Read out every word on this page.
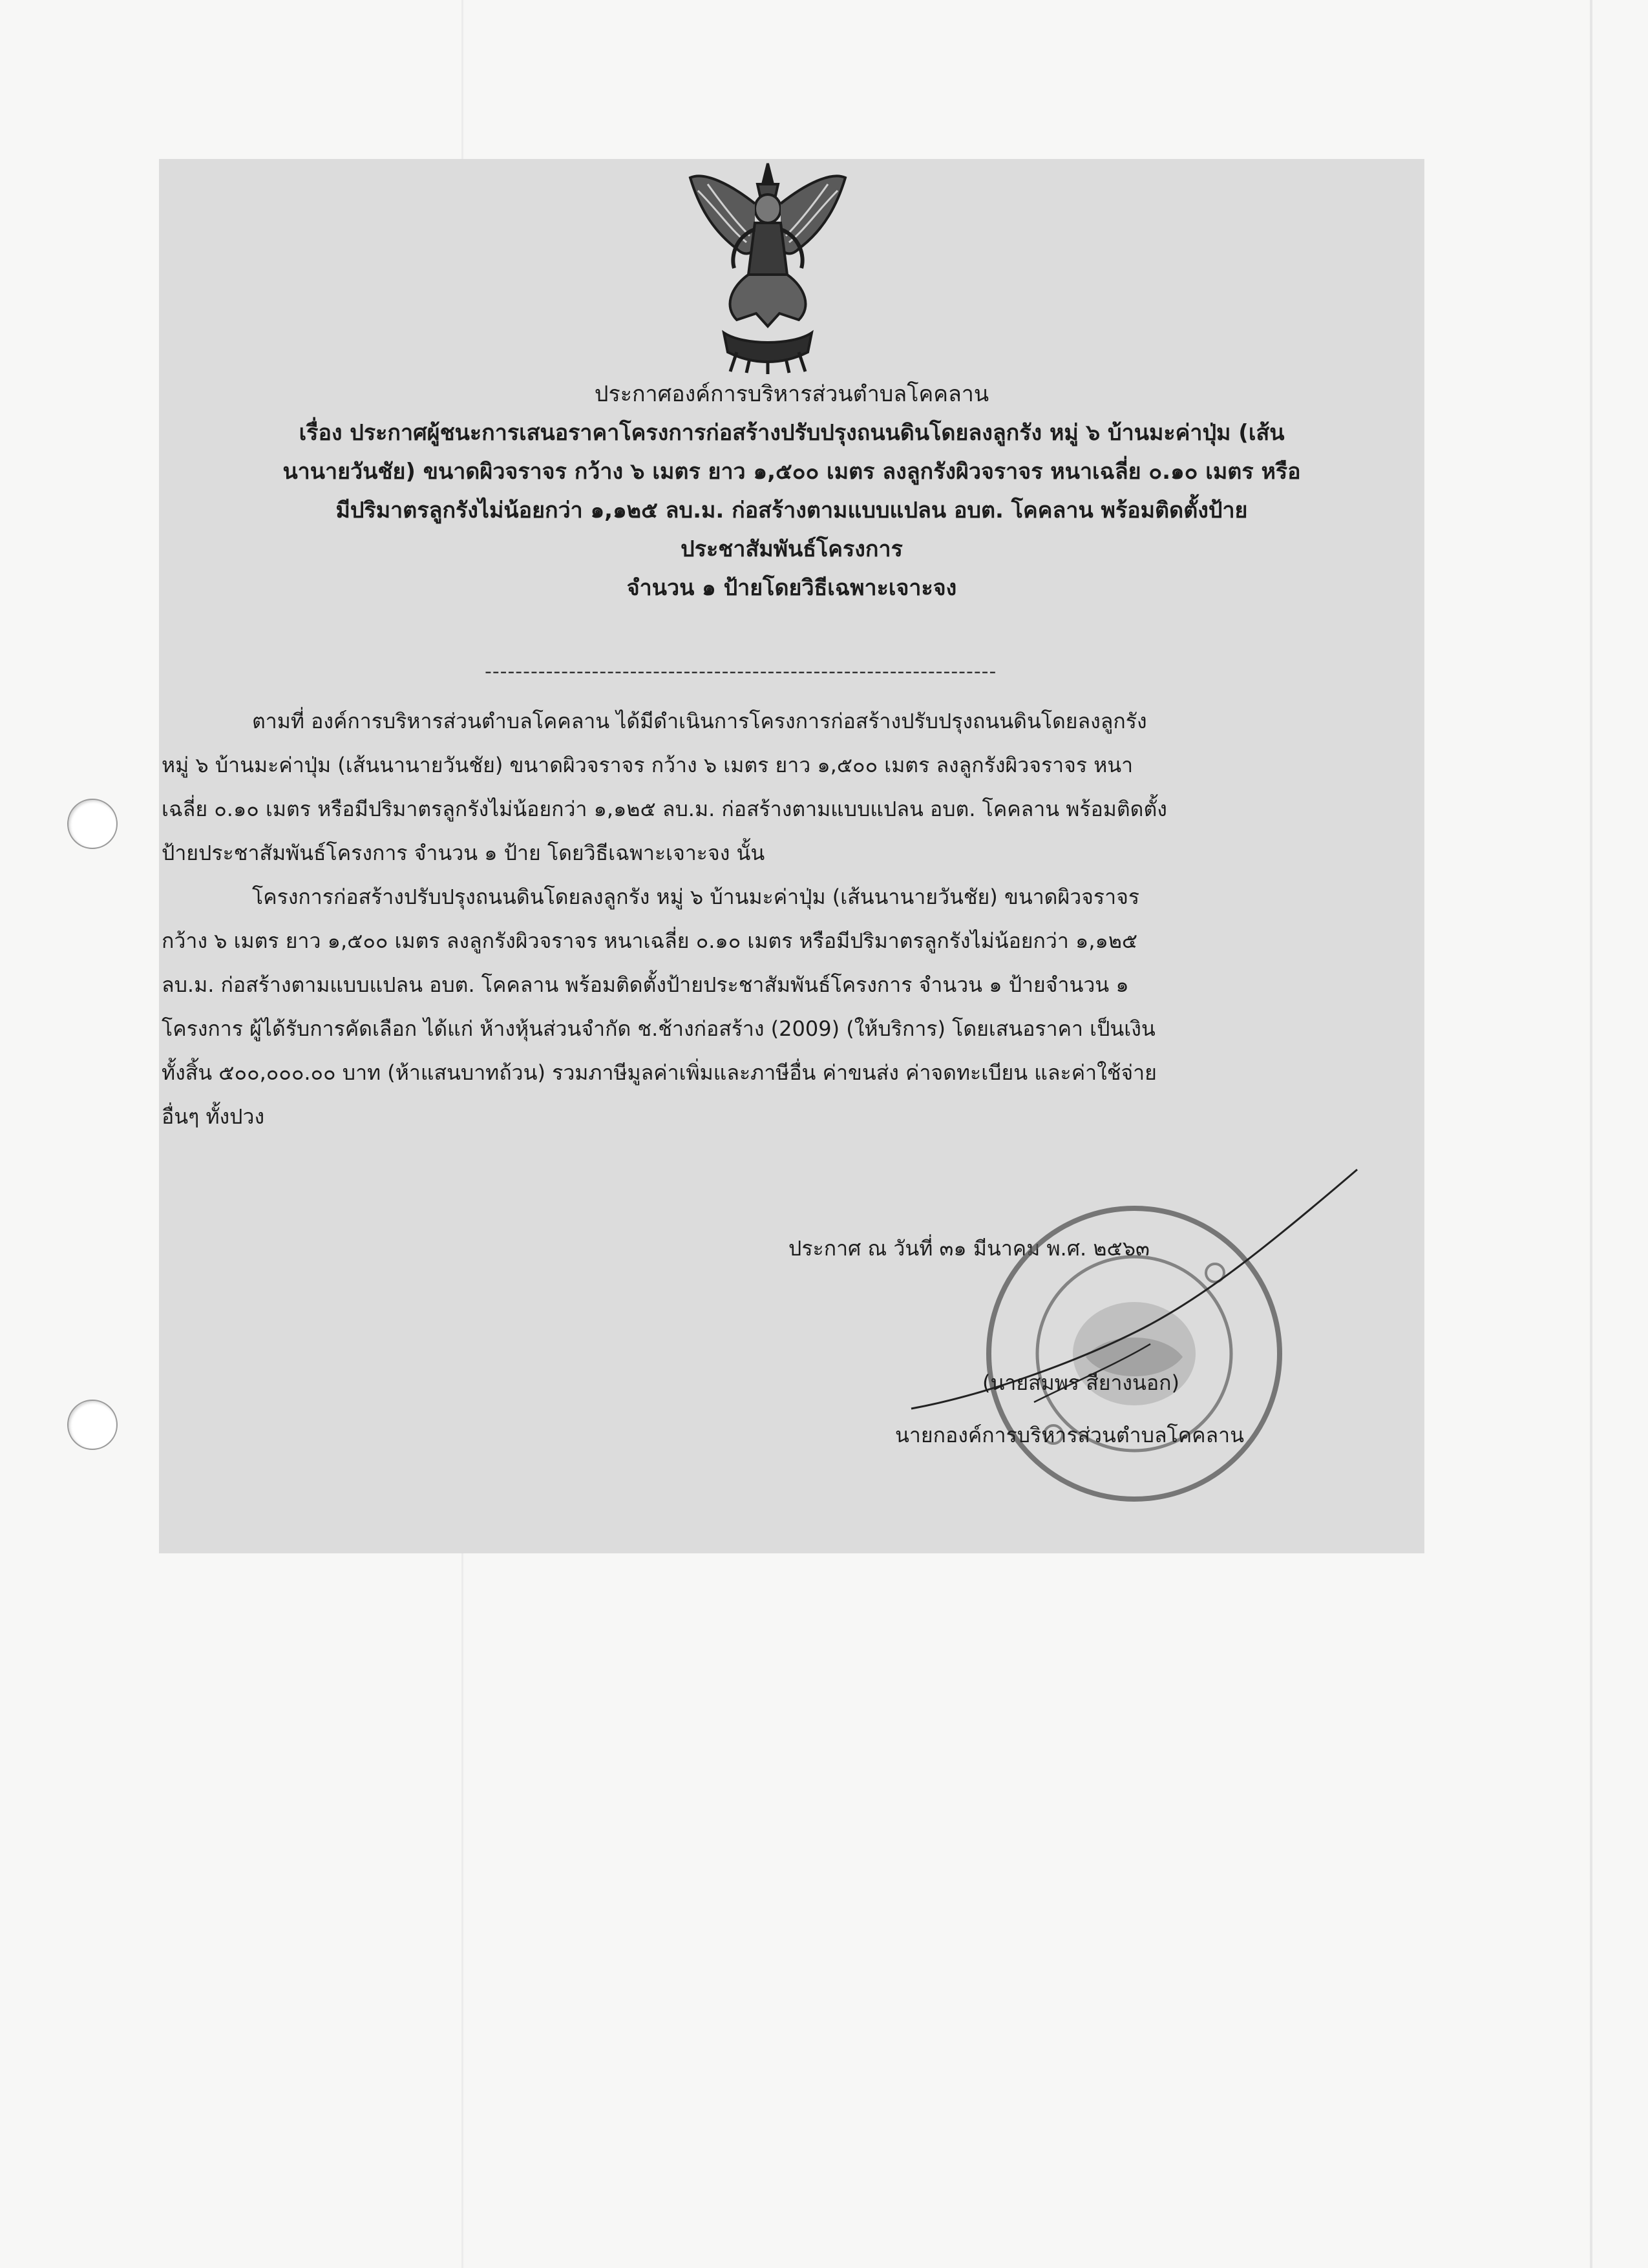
ประกาศองค์การบริหารส่วนตำบลโคคลาน
เรื่อง ประกาศผู้ชนะการเสนอราคาโครงการก่อสร้างปรับปรุงถนนดินโดยลงลูกรัง หมู่ ๖ บ้านมะค่าปุ่ม (เส้น
นานายวันชัย) ขนาดผิวจราจร กว้าง ๖ เมตร ยาว ๑,๕๐๐ เมตร ลงลูกรังผิวจราจร หนาเฉลี่ย ๐.๑๐ เมตร หรือ
มีปริมาตรลูกรังไม่น้อยกว่า ๑,๑๒๕ ลบ.ม. ก่อสร้างตามแบบแปลน อบต. โคคลาน พร้อมติดตั้งป้าย
ประชาสัมพันธ์โครงการ
จำนวน ๑ ป้ายโดยวิธีเฉพาะเจาะจง
-------------------------------------------------------------------
ตามที่ องค์การบริหารส่วนตำบลโคคลาน ได้มีดำเนินการโครงการก่อสร้างปรับปรุงถนนดินโดยลงลูกรัง
หมู่ ๖ บ้านมะค่าปุ่ม (เส้นนานายวันชัย) ขนาดผิวจราจร กว้าง ๖ เมตร ยาว ๑,๕๐๐ เมตร ลงลูกรังผิวจราจร หนา
เฉลี่ย ๐.๑๐ เมตร หรือมีปริมาตรลูกรังไม่น้อยกว่า ๑,๑๒๕ ลบ.ม. ก่อสร้างตามแบบแปลน อบต. โคคลาน พร้อมติดตั้ง
ป้ายประชาสัมพันธ์โครงการ จำนวน ๑ ป้าย โดยวิธีเฉพาะเจาะจง นั้น
โครงการก่อสร้างปรับปรุงถนนดินโดยลงลูกรัง หมู่ ๖ บ้านมะค่าปุ่ม (เส้นนานายวันชัย) ขนาดผิวจราจร
กว้าง ๖ เมตร ยาว ๑,๕๐๐ เมตร ลงลูกรังผิวจราจร หนาเฉลี่ย ๐.๑๐ เมตร หรือมีปริมาตรลูกรังไม่น้อยกว่า ๑,๑๒๕
ลบ.ม. ก่อสร้างตามแบบแปลน อบต. โคคลาน พร้อมติดตั้งป้ายประชาสัมพันธ์โครงการ จำนวน ๑ ป้ายจำนวน ๑
โครงการ ผู้ได้รับการคัดเลือก ได้แก่ ห้างหุ้นส่วนจำกัด ช.ช้างก่อสร้าง (2009) (ให้บริการ) โดยเสนอราคา เป็นเงิน
ทั้งสิ้น ๕๐๐,๐๐๐.๐๐ บาท (ห้าแสนบาทถ้วน) รวมภาษีมูลค่าเพิ่มและภาษีอื่น ค่าขนส่ง ค่าจดทะเบียน และค่าใช้จ่าย
อื่นๆ ทั้งปวง
ประกาศ ณ วันที่ ๓๑ มีนาคม พ.ศ. ๒๕๖๓
(นายสมพร สียางนอก)
นายกองค์การบริหารส่วนตำบลโคคลาน
